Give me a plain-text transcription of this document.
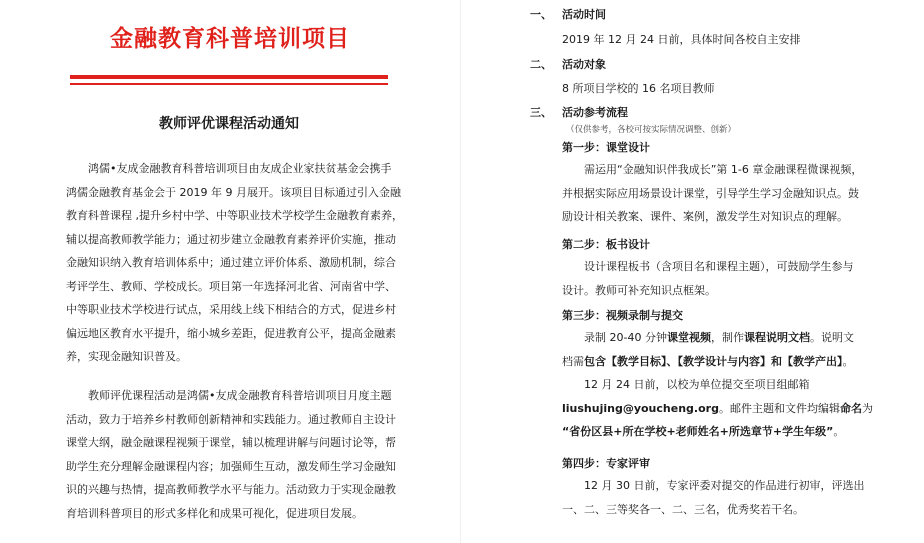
金融教育科普培训项目
教师评优课程活动通知
鸿儒•友成金融教育科普培训项目由友成企业家扶贫基金会携手
鸿儒金融教育基金会于 2019 年 9 月展开。该项目目标通过引入金融
教育科普课程 ,提升乡村中学、中等职业技术学校学生金融教育素养，
辅以提高教师教学能力；通过初步建立金融教育素养评价实施，推动
金融知识纳入教育培训体系中；通过建立评价体系、激励机制，综合
考评学生、教师、学校成长。项目第一年选择河北省、河南省中学、
中等职业技术学校进行试点，采用线上线下相结合的方式，促进乡村
偏远地区教育水平提升，缩小城乡差距，促进教育公平，提高金融素
养，实现金融知识普及。
教师评优课程活动是鸿儒•友成金融教育科普培训项目月度主题
活动，致力于培养乡村教师创新精神和实践能力。通过教师自主设计
课堂大纲，融金融课程视频于课堂，辅以梳理讲解与问题讨论等，帮
助学生充分理解金融课程内容；加强师生互动，激发师生学习金融知
识的兴趣与热情，提高教师教学水平与能力。活动致力于实现金融教
育培训科普项目的形式多样化和成果可视化，促进项目发展。
一、 活动时间
2019 年 12 月 24 日前，具体时间各校自主安排
二、 活动对象
8 所项目学校的 16 名项目教师
三、 活动参考流程
（仅供参考，各校可按实际情况调整、创新）
第一步：课堂设计
需运用“金融知识伴我成长”第 1-6 章金融课程微课视频，
并根据实际应用场景设计课堂，引导学生学习金融知识点。鼓
励设计相关教案、课件、案例，激发学生对知识点的理解。
第二步：板书设计
设计课程板书（含项目名和课程主题），可鼓励学生参与
设计。教师可补充知识点框架。
第三步：视频录制与提交
录制 20-40 分钟课堂视频，制作课程说明文档。说明文
档需包含【教学目标】、【教学设计与内容】和【教学产出】。
12 月 24 日前，以校为单位提交至项目组邮箱
liushujing@youcheng.org。邮件主题和文件均编辑命名为
“省份区县+所在学校+老师姓名+所选章节+学生年级”。
第四步：专家评审
12 月 30 日前，专家评委对提交的作品进行初审，评选出
一、二、三等奖各一、二、三名，优秀奖若干名。
